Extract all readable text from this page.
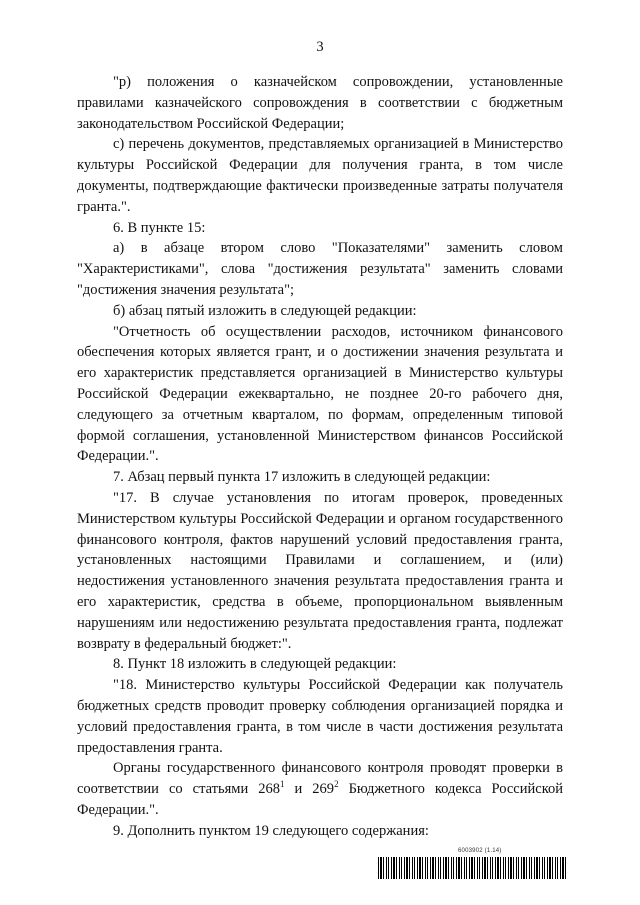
3

"р) положения о казначейском сопровождении, установленные правилами казначейского сопровождения в соответствии с бюджетным законодательством Российской Федерации;

с) перечень документов, представляемых организацией в Министерство культуры Российской Федерации для получения гранта, в том числе документы, подтверждающие фактически произведенные затраты получателя гранта.".

6. В пункте 15:

а) в абзаце втором слово "Показателями" заменить словом "Характеристиками", слова "достижения результата" заменить словами "достижения значения результата";

б) абзац пятый изложить в следующей редакции:

"Отчетность об осуществлении расходов, источником финансового обеспечения которых является грант, и о достижении значения результата и его характеристик представляется организацией в Министерство культуры Российской Федерации ежеквартально, не позднее 20-го рабочего дня, следующего за отчетным кварталом, по формам, определенным типовой формой соглашения, установленной Министерством финансов Российской Федерации.".

7. Абзац первый пункта 17 изложить в следующей редакции:

"17. В случае установления по итогам проверок, проведенных Министерством культуры Российской Федерации и органом государственного финансового контроля, фактов нарушений условий предоставления гранта, установленных настоящими Правилами и соглашением, и (или) недостижения установленного значения результата предоставления гранта и его характеристик, средства в объеме, пропорциональном выявленным нарушениям или недостижению результата предоставления гранта, подлежат возврату в федеральный бюджет:".

8. Пункт 18 изложить в следующей редакции:

"18. Министерство культуры Российской Федерации как получатель бюджетных средств проводит проверку соблюдения организацией порядка и условий предоставления гранта, в том числе в части достижения результата предоставления гранта.

Органы государственного финансового контроля проводят проверки в соответствии со статьями $268^1$ и $269^2$ Бюджетного кодекса Российской Федерации.".

9. Дополнить пунктом 19 следующего содержания:

6003902 (1.14)
